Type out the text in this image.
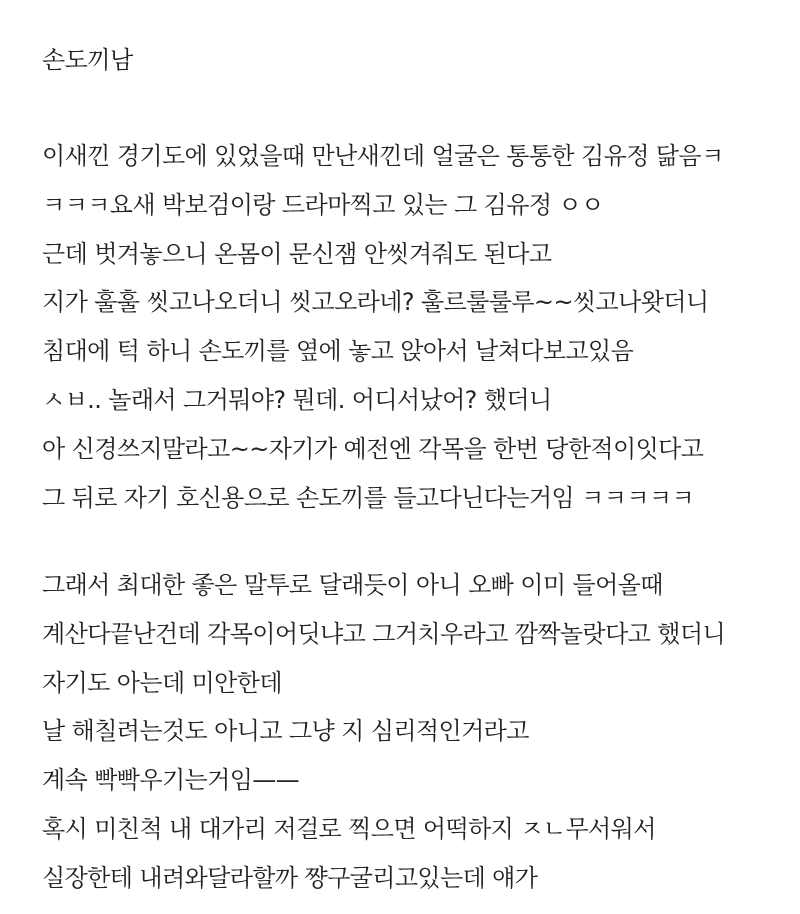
손도끼남
이새낀 경기도에 있었을때 만난새낀데 얼굴은 통통한 김유정 닮음ㅋ
ㅋㅋㅋ요새 박보검이랑 드라마찍고 있는 그 김유정 ㅇㅇ
근데 벗겨놓으니 온몸이 문신잼 안씻겨줘도 된다고
지가 훌훌 씻고나오더니 씻고오라네? 훌르룰룰루~~씻고나왓더니
침대에 턱 하니 손도끼를 옆에 놓고 앉아서 날쳐다보고있음
ㅅㅂ.. 놀래서 그거뭐야? 뭔데. 어디서났어? 했더니
아 신경쓰지말라고~~자기가 예전엔 각목을 한번 당한적이잇다고
그 뒤로 자기 호신용으로 손도끼를 들고다닌다는거임 ㅋㅋㅋㅋㅋ
그래서 최대한 좋은 말투로 달래듯이 아니 오빠 이미 들어올때
계산다끝난건데 각목이어딧냐고 그거치우라고 깜짝놀랏다고 했더니
자기도 아는데 미안한데
날 해칠려는것도 아니고 그냥 지 심리적인거라고
계속 빡빡우기는거임——
혹시 미친척 내 대가리 저걸로 찍으면 어떡하지 ㅈㄴ무서워서
실장한테 내려와달라할까 쨩구굴리고있는데 얘가
